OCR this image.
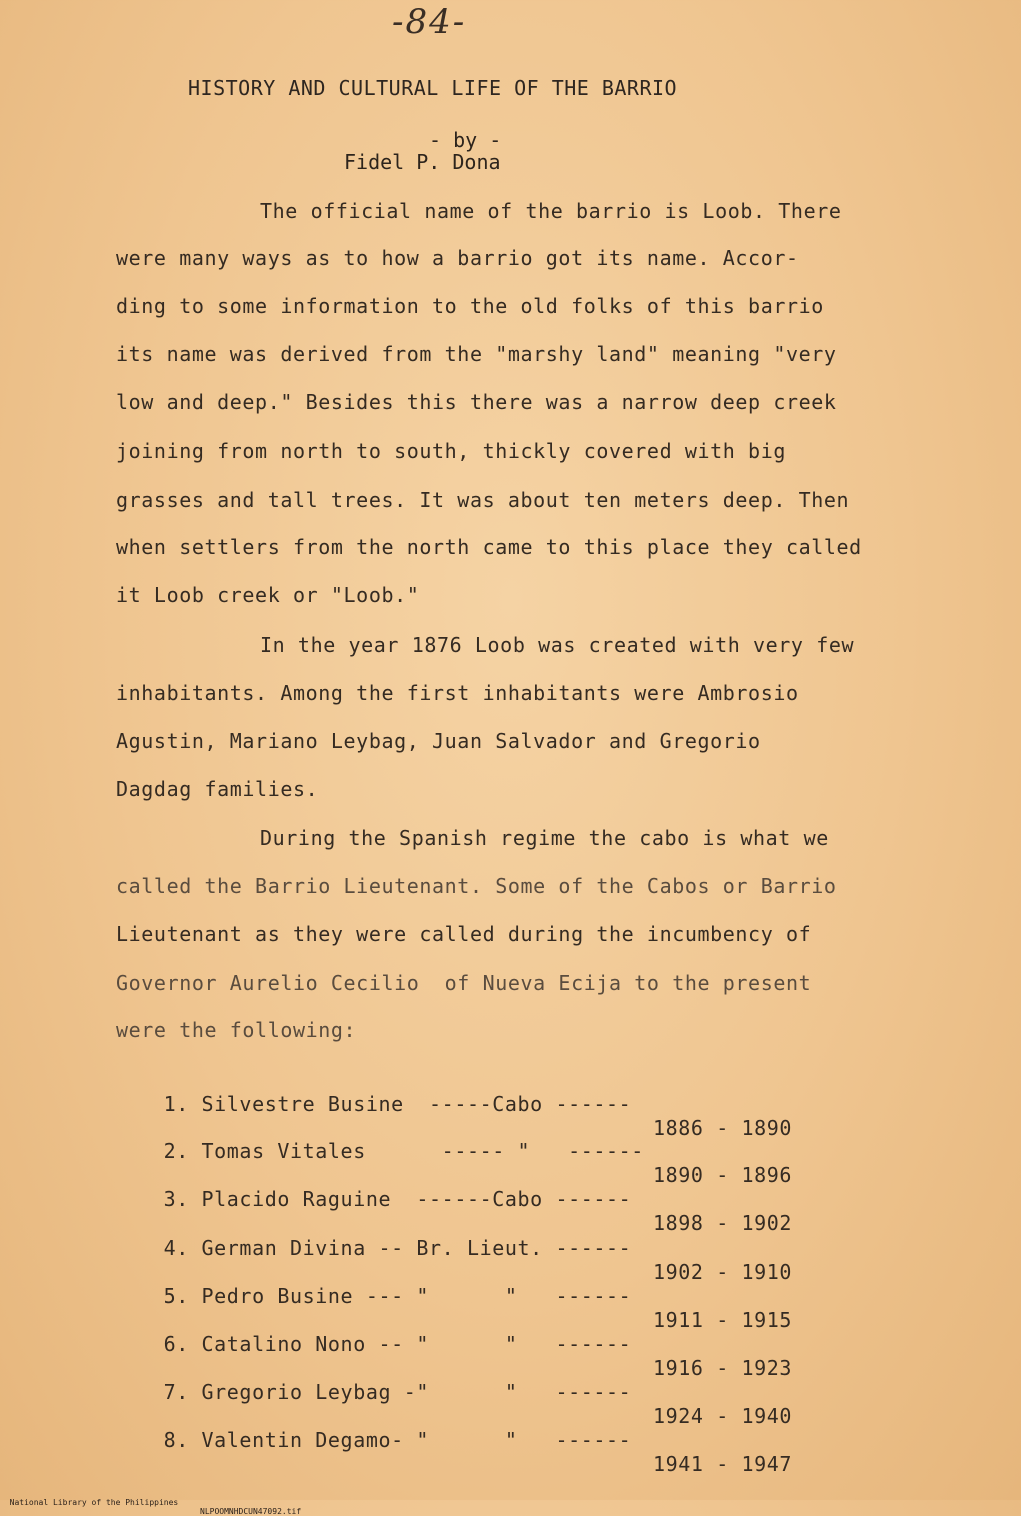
-84-
HISTORY AND CULTURAL LIFE OF THE BARRIO
- by -
Fidel P. Dona
The official name of the barrio is Loob. There
were many ways as to how a barrio got its name. Accor-
ding to some information to the old folks of this barrio
its name was derived from the "marshy land" meaning "very
low and deep." Besides this there was a narrow deep creek
joining from north to south, thickly covered with big
grasses and tall trees. It was about ten meters deep. Then
when settlers from the north came to this place they called
it Loob creek or "Loob."
In the year 1876 Loob was created with very few
inhabitants. Among the first inhabitants were Ambrosio
Agustin, Mariano Leybag, Juan Salvador and Gregorio
Dagdag families.
During the Spanish regime the cabo is what we
called the Barrio Lieutenant. Some of the Cabos or Barrio
Lieutenant as they were called during the incumbency of
Governor Aurelio Cecilio  of Nueva Ecija to the present
were the following:

1. Silvestre Busine  -----Cabo ------

1886 - 1890

2. Tomas Vitales      ----- "   ------

1890 - 1896

3. Placido Raguine  ------Cabo ------

1898 - 1902

4. German Divina -- Br. Lieut. ------

1902 - 1910

5. Pedro Busine --- "      "   ------

1911 - 1915

6. Catalino Nono -- "      "   ------

1916 - 1923

7. Gregorio Leybag -"      "   ------

1924 - 1940

8. Valentin Degamo- "      "   ------

1941 - 1947

National Library of the Philippines

NLPOOMNHDCUN47092.tif
